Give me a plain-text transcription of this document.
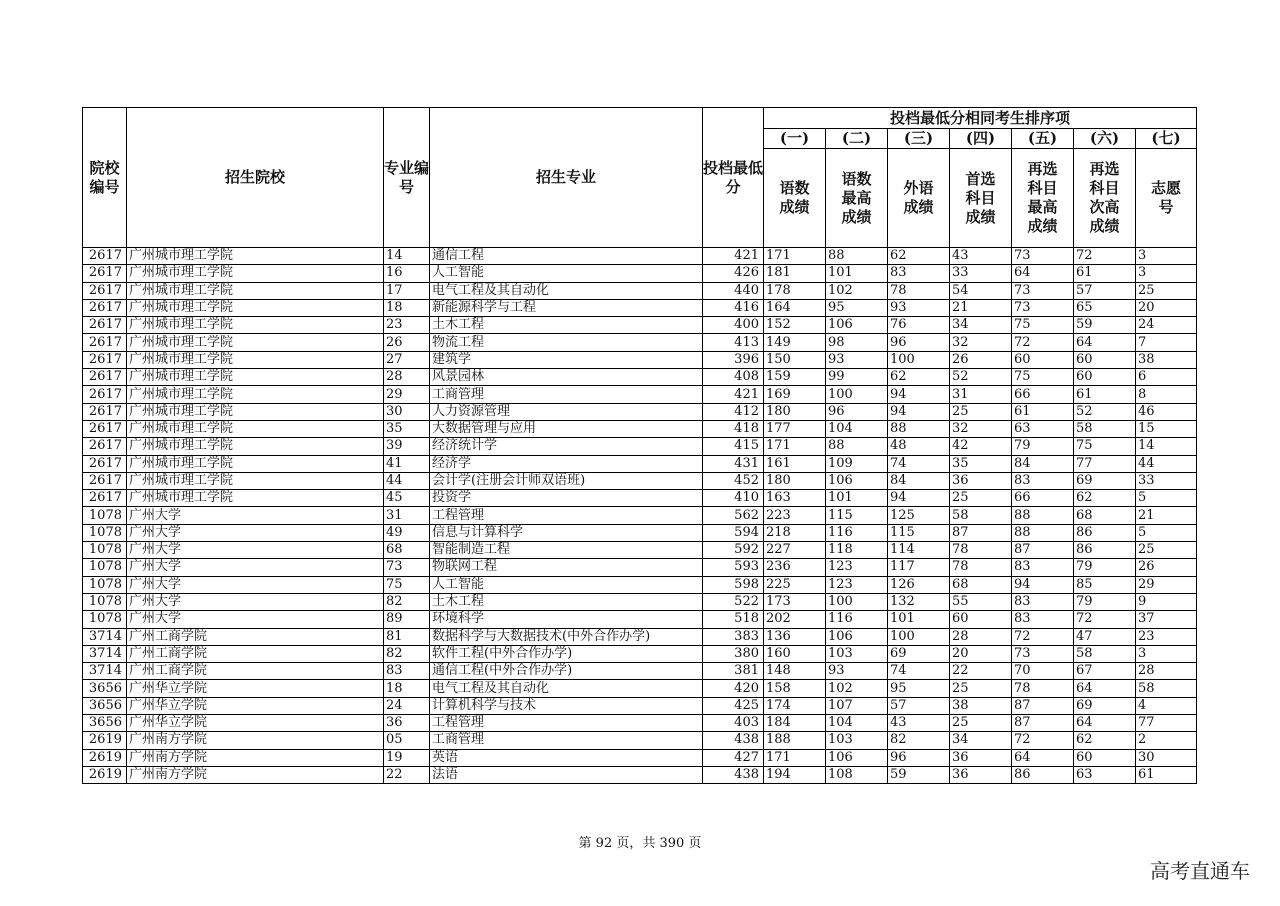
院校编号	招生院校	专业编号	招生专业	投档最低分	投档最低分相同考生排序项						
					(一)	(二)	(三)	(四)	(五)	(六)	(七)
					语数成绩	语数最高成绩	外语成绩	首选科目成绩	再选科目最高成绩	再选科目次高成绩	志愿号
2617	广州城市理工学院	14	通信工程	421	171	88	62	43	73	72	3
2617	广州城市理工学院	16	人工智能	426	181	101	83	33	64	61	3
2617	广州城市理工学院	17	电气工程及其自动化	440	178	102	78	54	73	57	25
2617	广州城市理工学院	18	新能源科学与工程	416	164	95	93	21	73	65	20
2617	广州城市理工学院	23	土木工程	400	152	106	76	34	75	59	24
2617	广州城市理工学院	26	物流工程	413	149	98	96	32	72	64	7
2617	广州城市理工学院	27	建筑学	396	150	93	100	26	60	60	38
2617	广州城市理工学院	28	风景园林	408	159	99	62	52	75	60	6
2617	广州城市理工学院	29	工商管理	421	169	100	94	31	66	61	8
2617	广州城市理工学院	30	人力资源管理	412	180	96	94	25	61	52	46
2617	广州城市理工学院	35	大数据管理与应用	418	177	104	88	32	63	58	15
2617	广州城市理工学院	39	经济统计学	415	171	88	48	42	79	75	14
2617	广州城市理工学院	41	经济学	431	161	109	74	35	84	77	44
2617	广州城市理工学院	44	会计学(注册会计师双语班)	452	180	106	84	36	83	69	33
2617	广州城市理工学院	45	投资学	410	163	101	94	25	66	62	5
1078	广州大学	31	工程管理	562	223	115	125	58	88	68	21
1078	广州大学	49	信息与计算科学	594	218	116	115	87	88	86	5
1078	广州大学	68	智能制造工程	592	227	118	114	78	87	86	25
1078	广州大学	73	物联网工程	593	236	123	117	78	83	79	26
1078	广州大学	75	人工智能	598	225	123	126	68	94	85	29
1078	广州大学	82	土木工程	522	173	100	132	55	83	79	9
1078	广州大学	89	环境科学	518	202	116	101	60	83	72	37
3714	广州工商学院	81	数据科学与大数据技术(中外合作办学)	383	136	106	100	28	72	47	23
3714	广州工商学院	82	软件工程(中外合作办学)	380	160	103	69	20	73	58	3
3714	广州工商学院	83	通信工程(中外合作办学)	381	148	93	74	22	70	67	28
3656	广州华立学院	18	电气工程及其自动化	420	158	102	95	25	78	64	58
3656	广州华立学院	24	计算机科学与技术	425	174	107	57	38	87	69	4
3656	广州华立学院	36	工程管理	403	184	104	43	25	87	64	77
2619	广州南方学院	05	工商管理	438	188	103	82	34	72	62	2
2619	广州南方学院	19	英语	427	171	106	96	36	64	60	30
2619	广州南方学院	22	法语	438	194	108	59	36	86	63	61
第 92 页，共 390 页
高考直通车
